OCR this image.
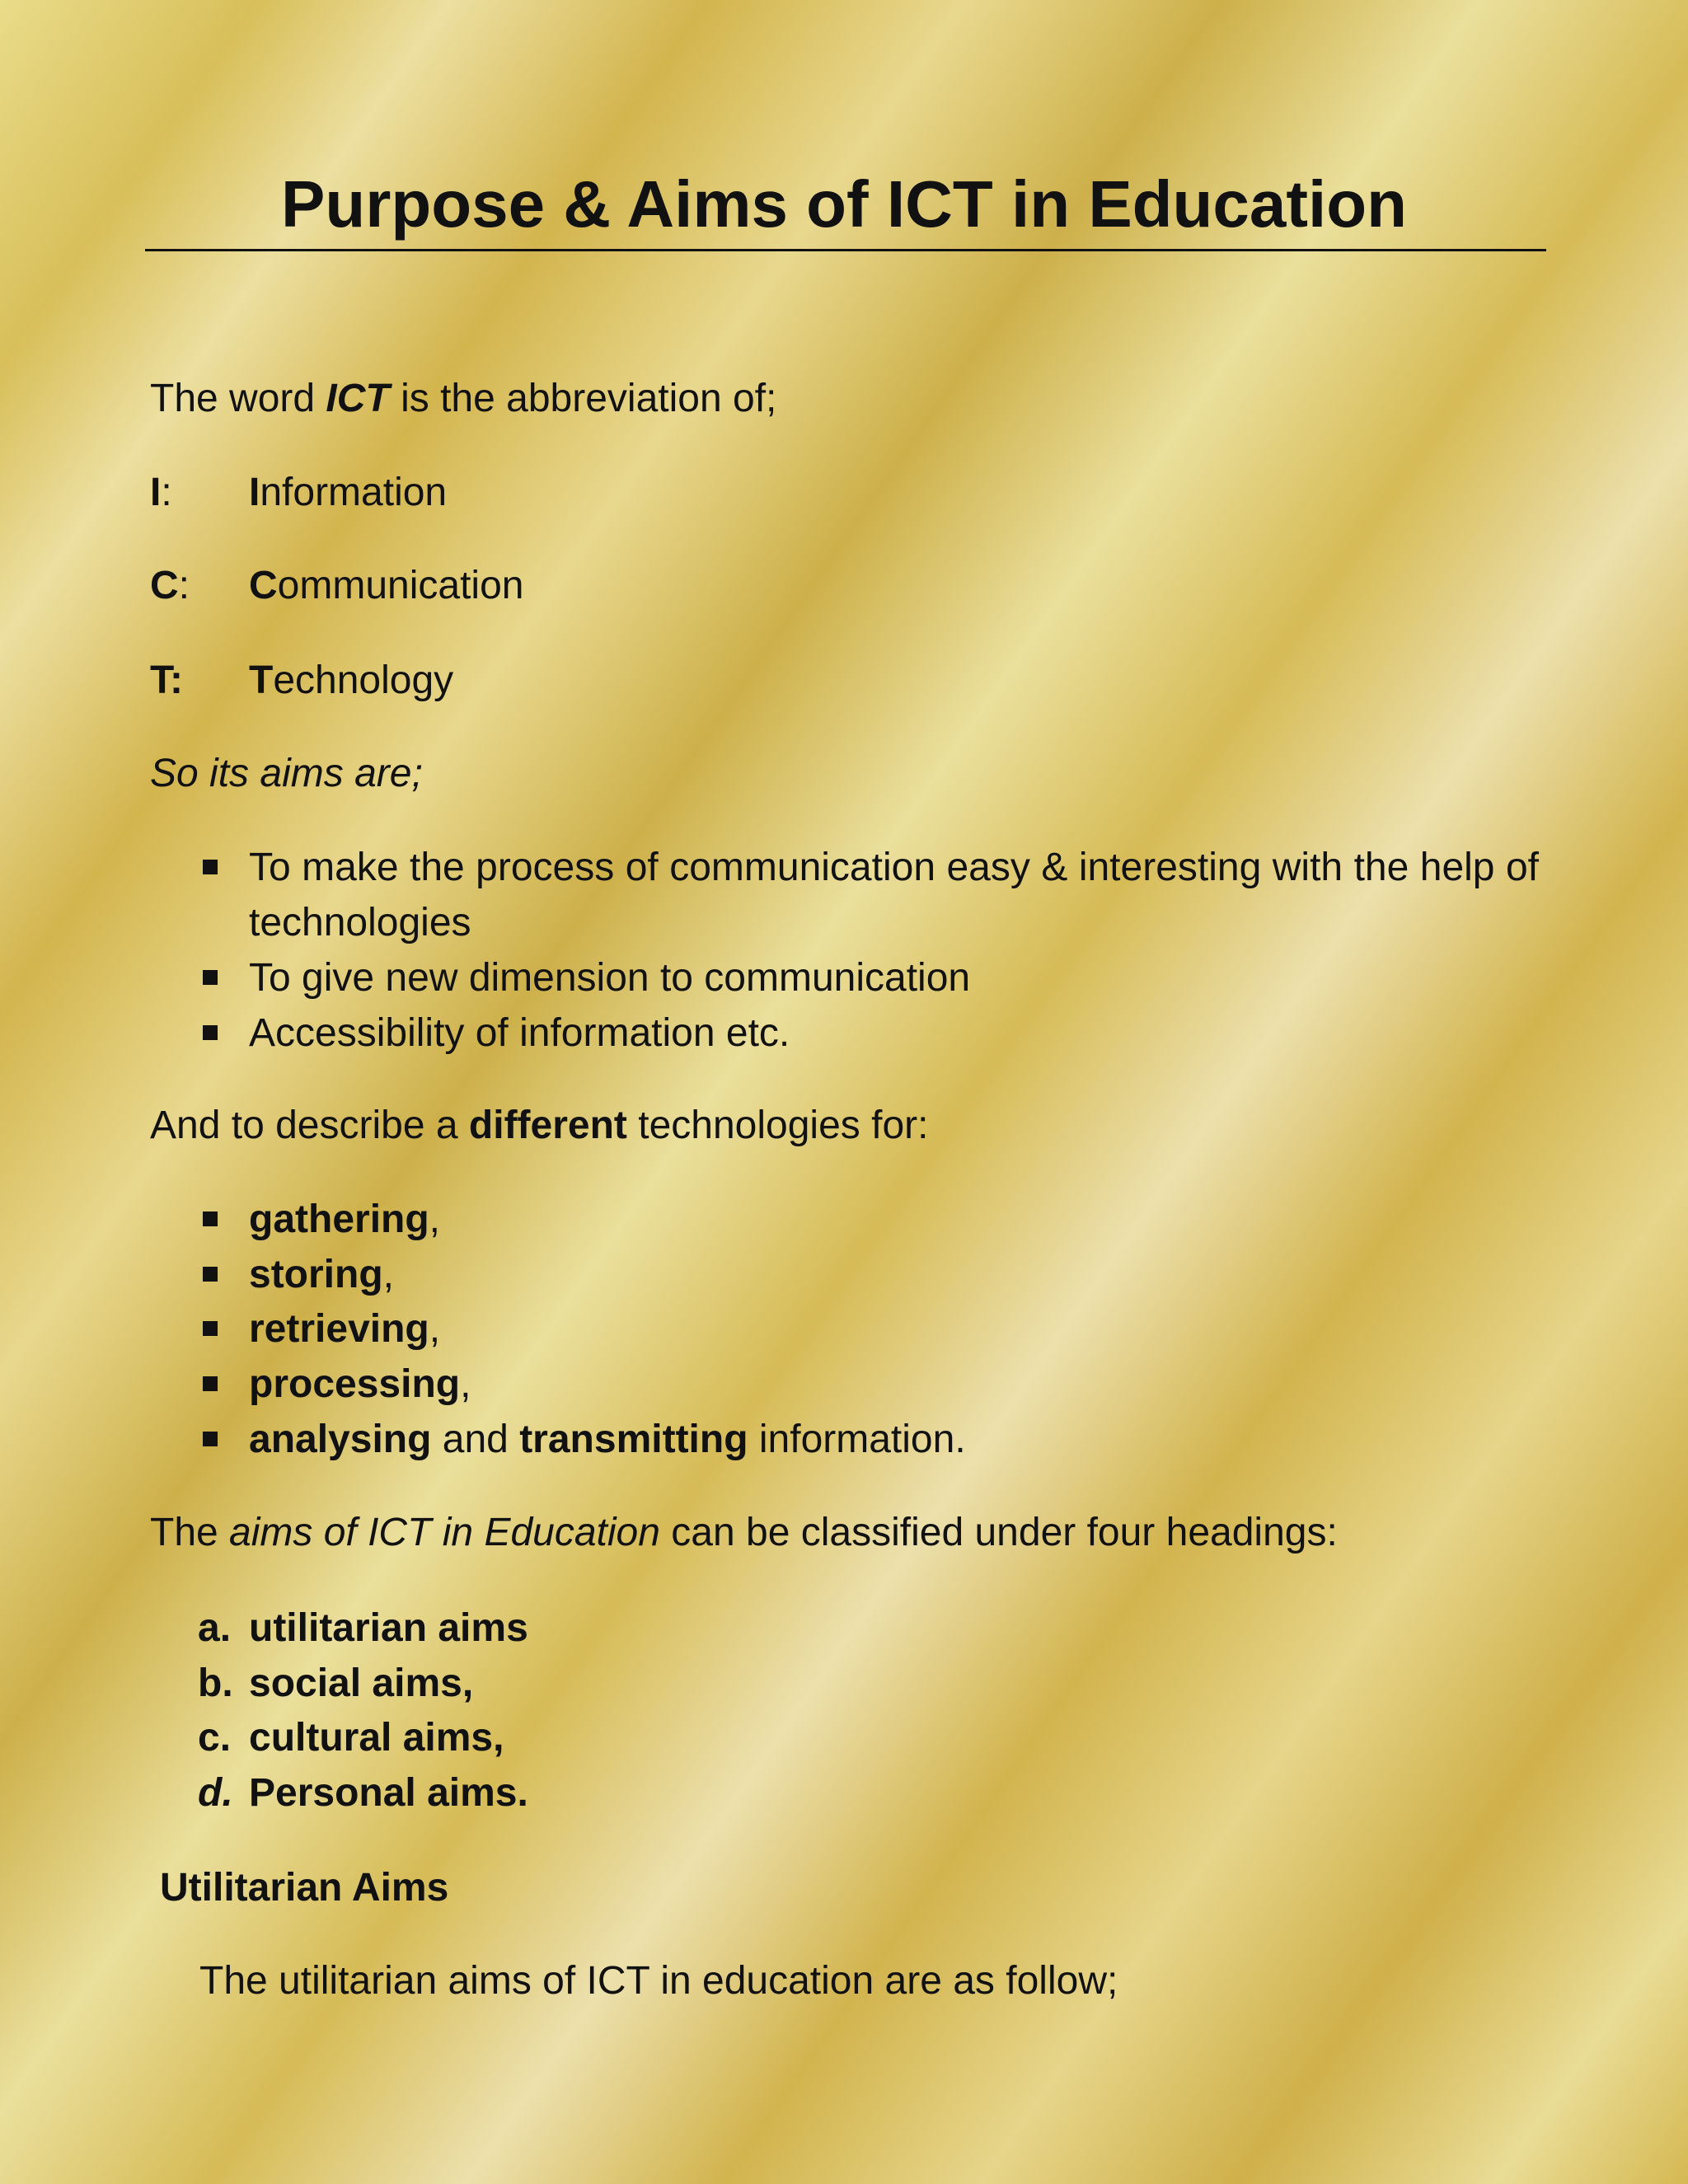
Purpose & Aims of ICT in Education
The word ICT is the abbreviation of;
I: Information
C: Communication
T: Technology
So its aims are;
To make the process of communication easy & interesting with the help of technologies
To give new dimension to communication
Accessibility of information etc.
And to describe a different technologies for:
gathering,
storing,
retrieving,
processing,
analysing and transmitting information.
The aims of ICT in Education can be classified under four headings:
a. utilitarian aims
b. social aims,
c. cultural aims,
d. Personal aims.
Utilitarian Aims
The utilitarian aims of ICT in education are as follow;
